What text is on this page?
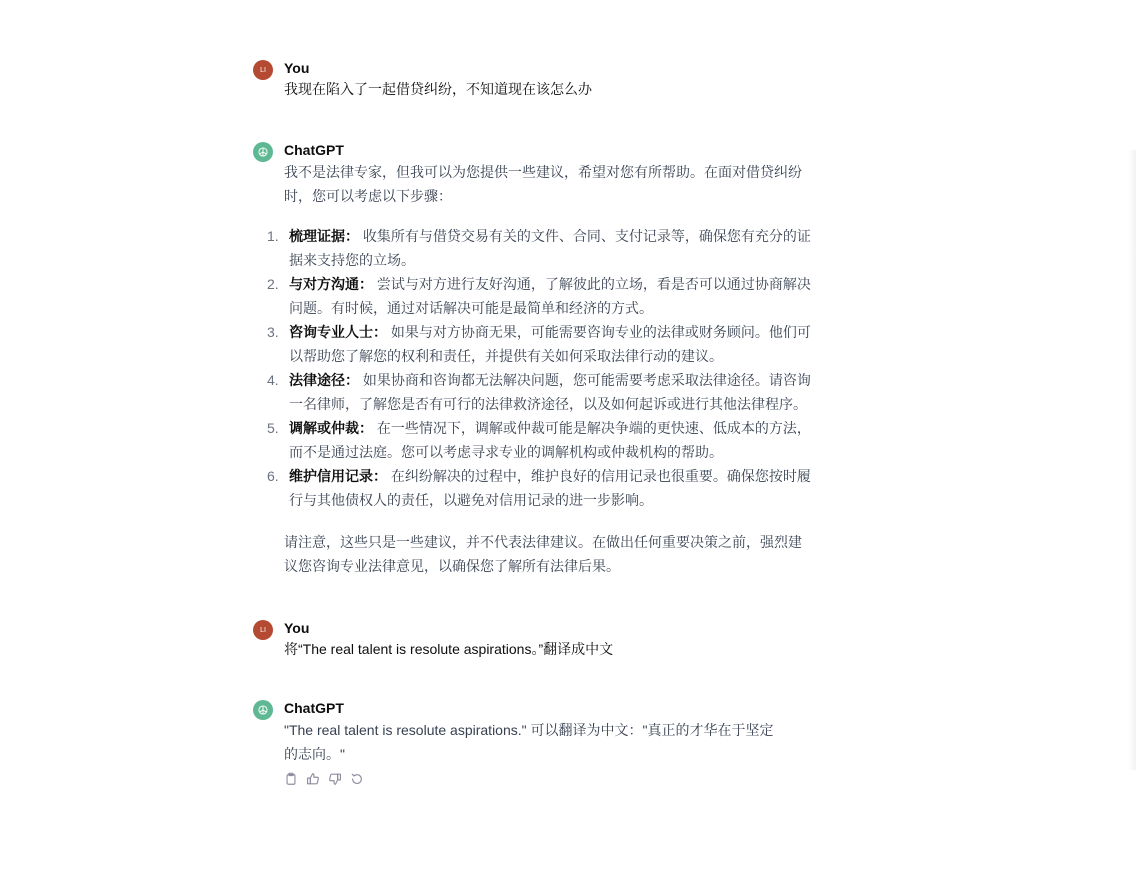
LI	You
我现在陷入了一起借贷纠纷，不知道现在该怎么办
ChatGPT

我不是法律专家，但我可以为您提供一些建议，希望对您有所帮助。在面对借贷纠纷时，您可以考虑以下步骤：

1. 梳理证据： 收集所有与借贷交易有关的文件、合同、支付记录等，确保您有充分的证据来支持您的立场。
2. 与对方沟通： 尝试与对方进行友好沟通，了解彼此的立场，看是否可以通过协商解决问题。有时候，通过对话解决可能是最简单和经济的方式。
3. 咨询专业人士： 如果与对方协商无果，可能需要咨询专业的法律或财务顾问。他们可以帮助您了解您的权利和责任，并提供有关如何采取法律行动的建议。
4. 法律途径： 如果协商和咨询都无法解决问题，您可能需要考虑采取法律途径。请咨询一名律师，了解您是否有可行的法律救济途径，以及如何起诉或进行其他法律程序。
5. 调解或仲裁： 在一些情况下，调解或仲裁可能是解决争端的更快速、低成本的方法，而不是通过法庭。您可以考虑寻求专业的调解机构或仲裁机构的帮助。
6. 维护信用记录： 在纠纷解决的过程中，维护良好的信用记录也很重要。确保您按时履行与其他债权人的责任，以避免对信用记录的进一步影响。

请注意，这些只是一些建议，并不代表法律建议。在做出任何重要决策之前，强烈建议您咨询专业法律意见，以确保您了解所有法律后果。

LI	You
将“The real talent is resolute aspirations。”翻译成中文
ChatGPT
"The real talent is resolute aspirations." 可以翻译为中文："真正的才华在于坚定的志向。"
